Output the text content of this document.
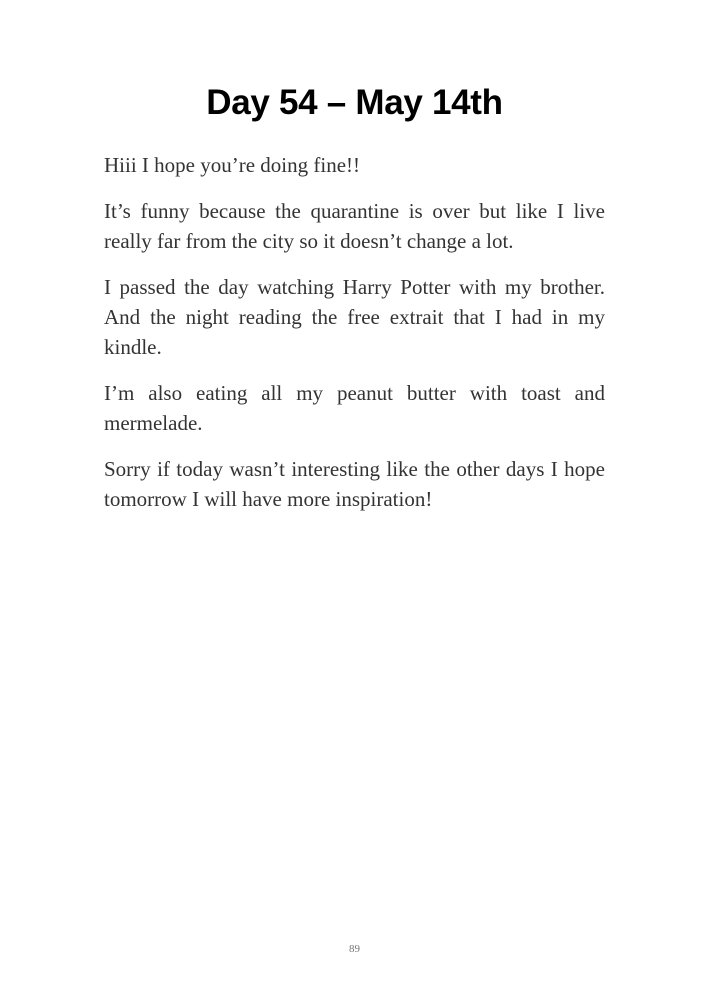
Day 54 – May 14th

Hiii I hope you’re doing fine!!

It’s funny because the quarantine is over but like I live really far from the city so it doesn’t change a lot.

I passed the day watching Harry Potter with my brother. And the night reading the free extrait that I had in my kindle.

I’m also eating all my peanut butter with toast and mermelade.

Sorry if today wasn’t interesting like the other days I hope tomorrow I will have more inspiration!

89
